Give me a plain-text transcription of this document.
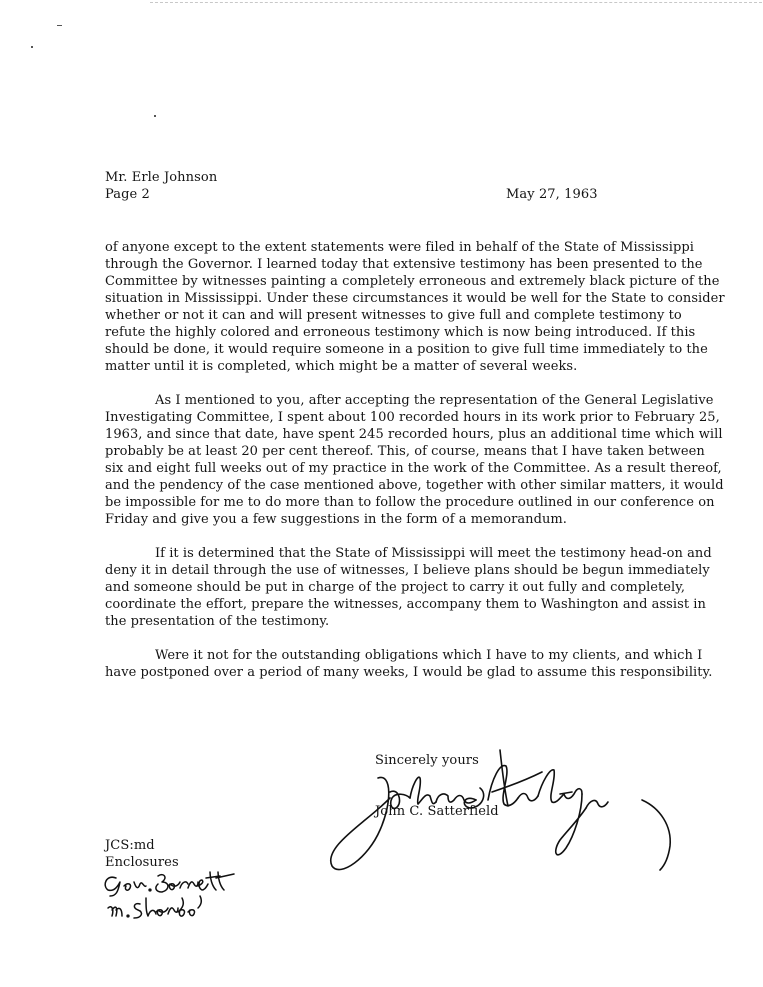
Mr. Erle Johnson
Page 2	May 27, 1963

of anyone except to the extent statements were filed in behalf of the State of Mississippi through the Governor. I learned today that extensive testimony has been presented to the Committee by witnesses painting a completely erroneous and extremely black picture of the situation in Mississippi. Under these circumstances it would be well for the State to consider whether or not it can and will present witnesses to give full and complete testimony to refute the highly colored and erroneous testimony which is now being introduced. If this should be done, it would require someone in a position to give full time immediately to the matter until it is completed, which might be a matter of several weeks.

As I mentioned to you, after accepting the representation of the General Legislative Investigating Committee, I spent about 100 recorded hours in its work prior to February 25, 1963, and since that date, have spent 245 recorded hours, plus an additional time which will probably be at least 20 per cent thereof. This, of course, means that I have taken between six and eight full weeks out of my practice in the work of the Committee. As a result thereof, and the pendency of the case mentioned above, together with other similar matters, it would be impossible for me to do more than to follow the procedure outlined in our conference on Friday and give you a few suggestions in the form of a memorandum.

If it is determined that the State of Mississippi will meet the testimony head-on and deny it in detail through the use of witnesses, I believe plans should be begun immediately and someone should be put in charge of the project to carry it out fully and completely, coordinate the effort, prepare the witnesses, accompany them to Washington and assist in the presentation of the testimony.

Were it not for the outstanding obligations which I have to my clients, and which I have postponed over a period of many weeks, I would be glad to assume this responsibility.

Sincerely yours
John C. Satterfield
JCS:md
Enclosures
